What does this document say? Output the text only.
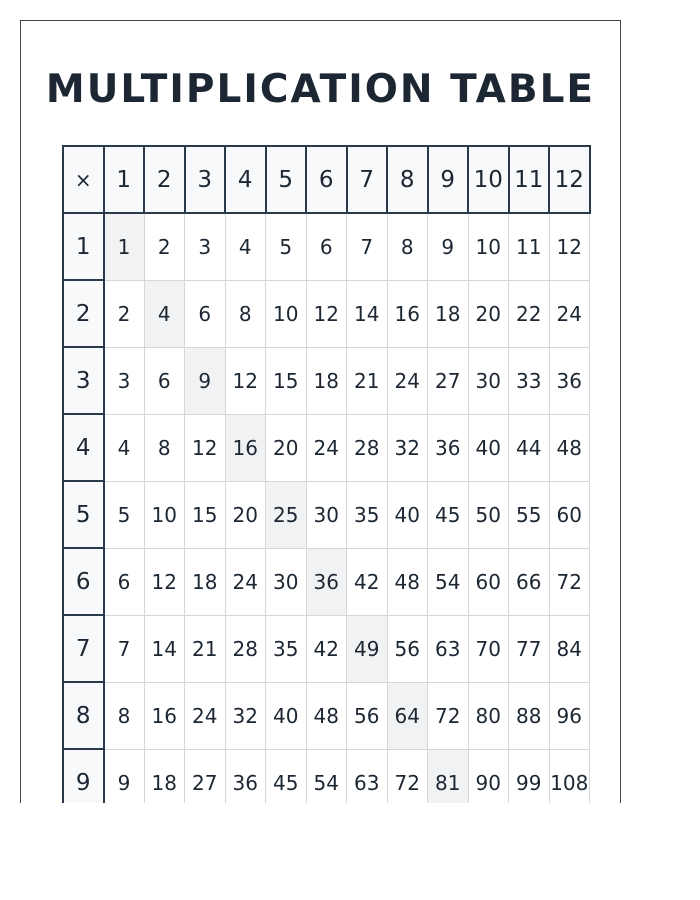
MULTIPLICATION TABLE
×	1	2	3	4	5	6	7	8	9	10	11	12
1	1	2	3	4	5	6	7	8	9	10	11	12
2	2	4	6	8	10	12	14	16	18	20	22	24
3	3	6	9	12	15	18	21	24	27	30	33	36
4	4	8	12	16	20	24	28	32	36	40	44	48
5	5	10	15	20	25	30	35	40	45	50	55	60
6	6	12	18	24	30	36	42	48	54	60	66	72
7	7	14	21	28	35	42	49	56	63	70	77	84
8	8	16	24	32	40	48	56	64	72	80	88	96
9	9	18	27	36	45	54	63	72	81	90	99	108
